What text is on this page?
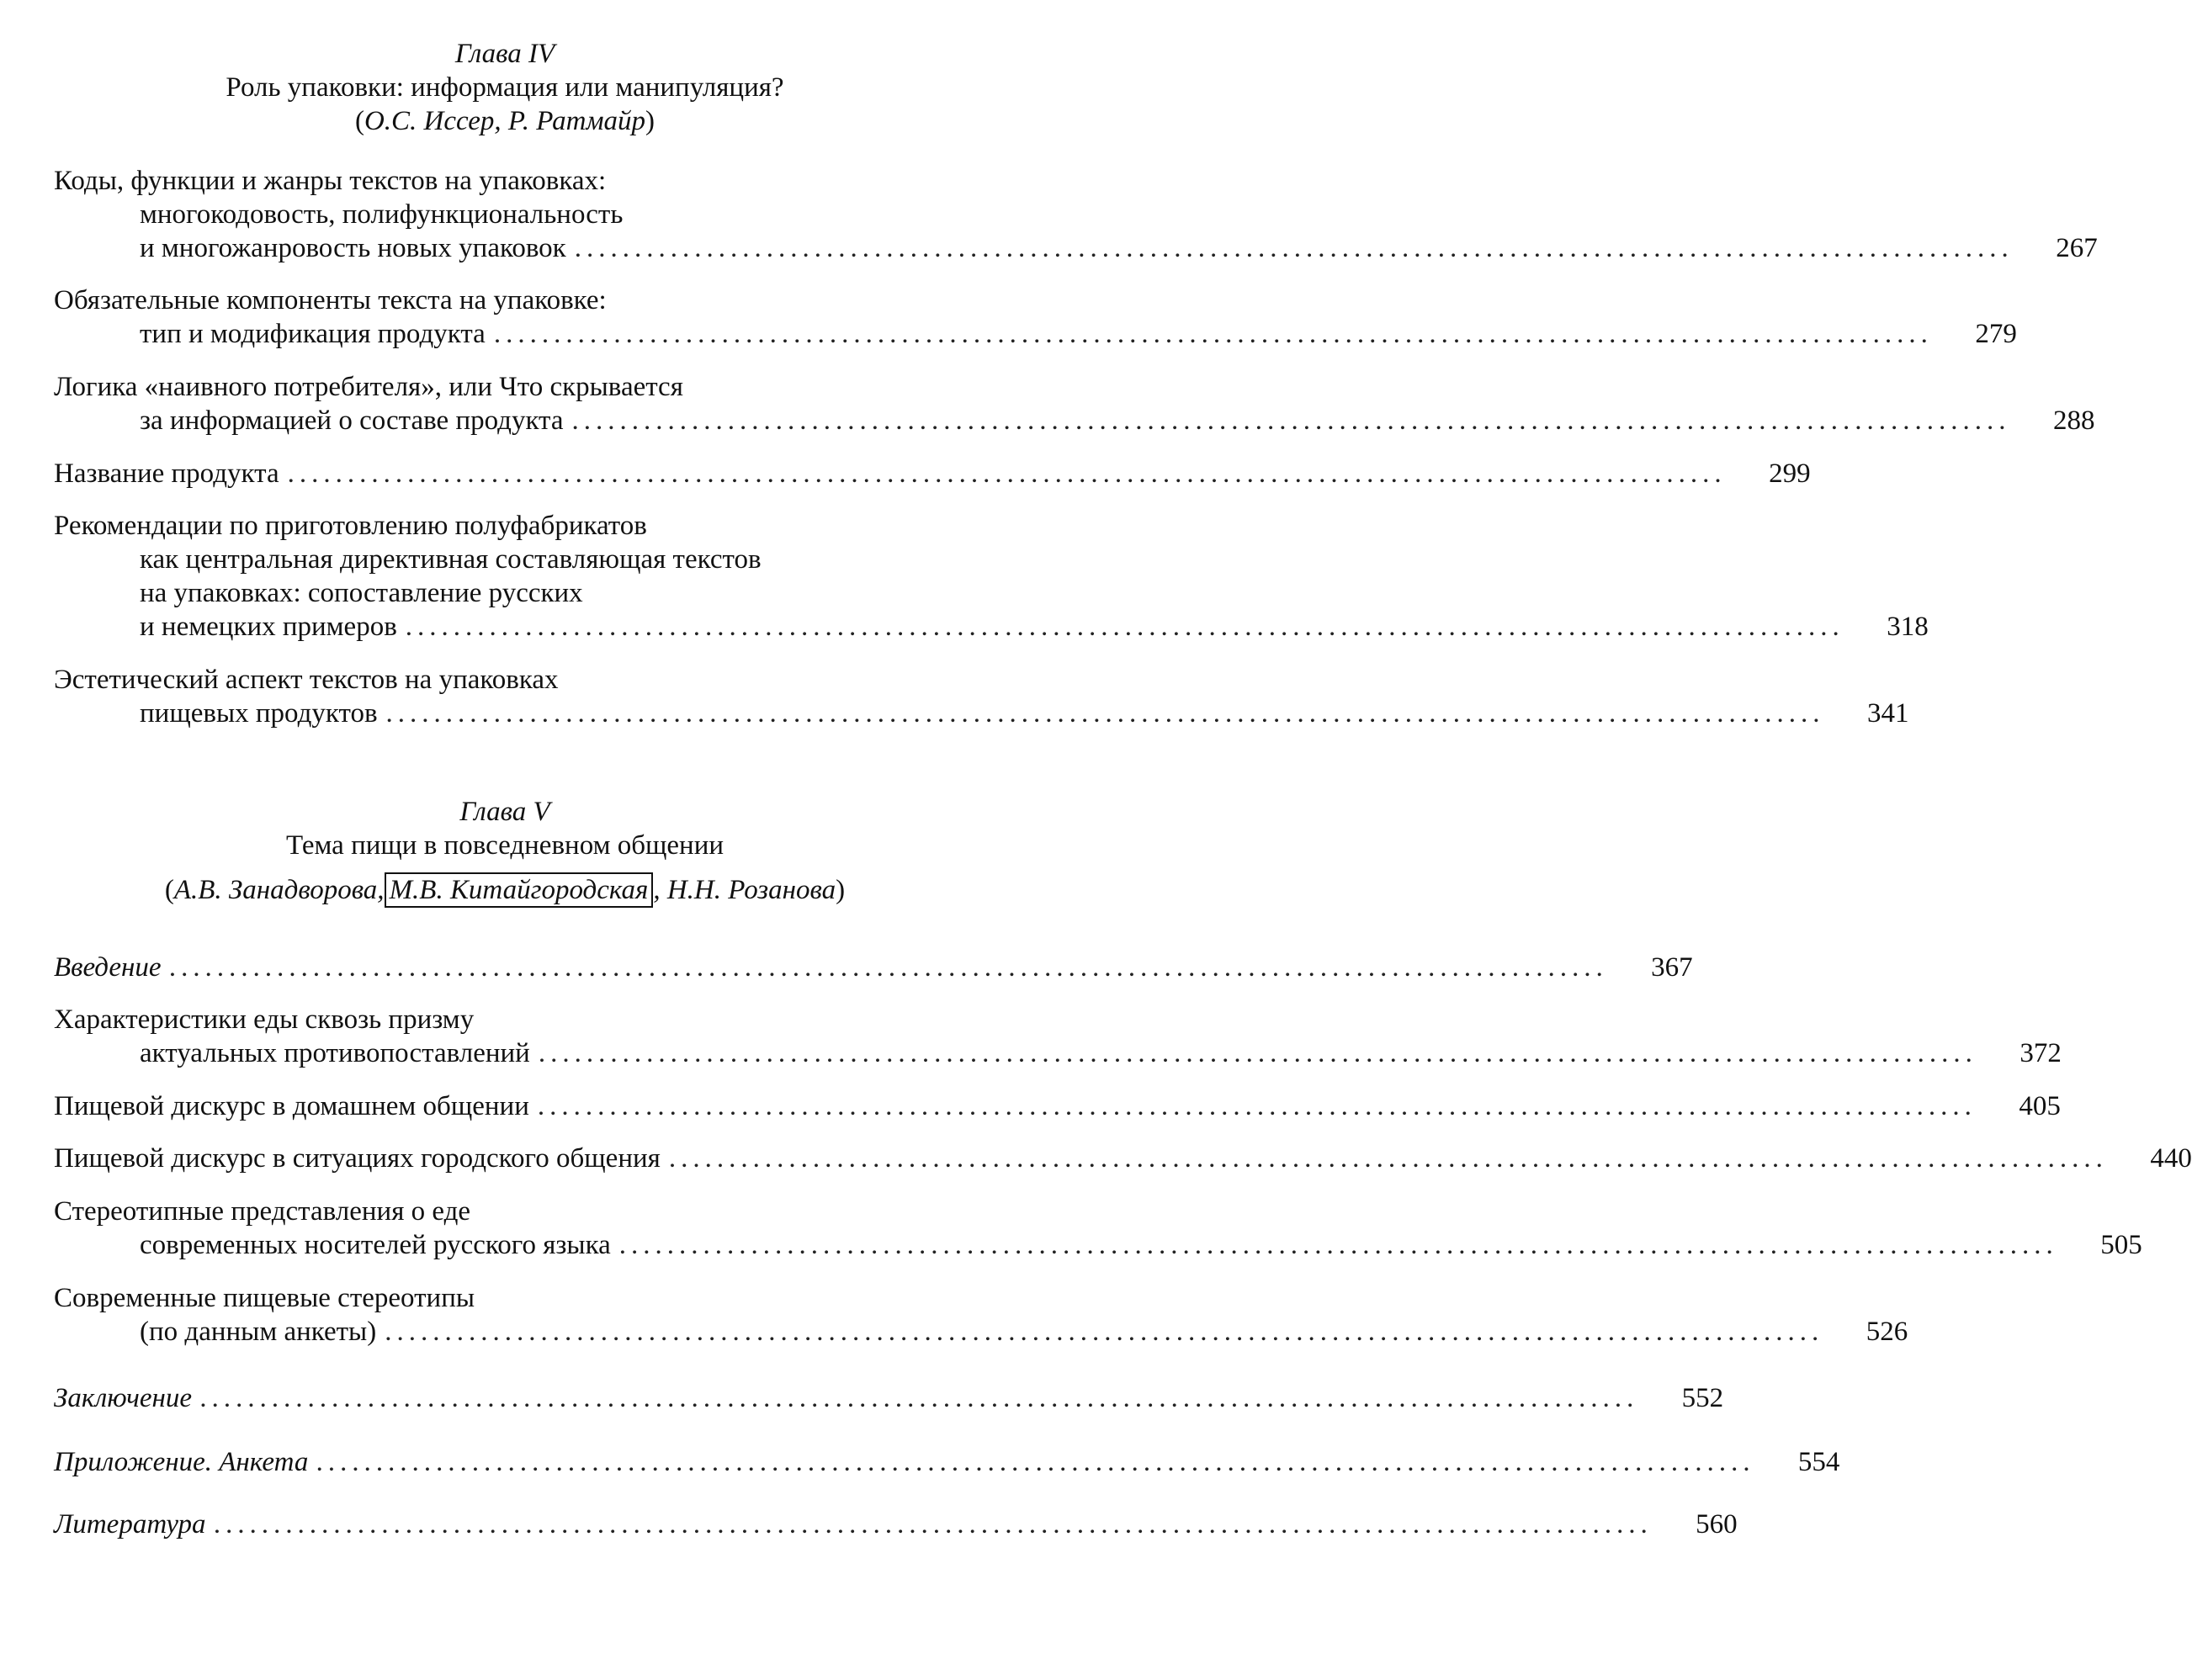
Глава IV
Роль упаковки: информация или манипуляция?
(О.С. Иссер, Р. Ратмайр)
Коды, функции и жанры текстов на упаковках:
многокодовость, полифункциональность
и многожанровость новых упаковок ........................................................................................................................	267
Обязательные компоненты текста на упаковке:
тип и модификация продукта ........................................................................................................................	279
Логика «наивного потребителя», или Что скрывается
за информацией о составе продукта ........................................................................................................................	288
Название продукта ........................................................................................................................	299
Рекомендации по приготовлению полуфабрикатов
как центральная директивная составляющая текстов
на упаковках: сопоставление русских
и немецких примеров ........................................................................................................................	318
Эстетический аспект текстов на упаковках
пищевых продуктов ........................................................................................................................	341
Глава V
Тема пищи в повседневном общении
(А.В. Занадворова, М.В. Китайгородская , Н.Н. Розанова)
Введение ........................................................................................................................	367
Характеристики еды сквозь призму
актуальных противопоставлений ........................................................................................................................	372
Пищевой дискурс в домашнем общении ........................................................................................................................	405
Пищевой дискурс в ситуациях городского общения ........................................................................................................................	440
Стереотипные представления о еде
современных носителей русского языка ........................................................................................................................	505
Современные пищевые стереотипы
(по данным анкеты) ........................................................................................................................	526
Заключение ........................................................................................................................	552
Приложение. Анкета ........................................................................................................................	554
Литература ........................................................................................................................	560
